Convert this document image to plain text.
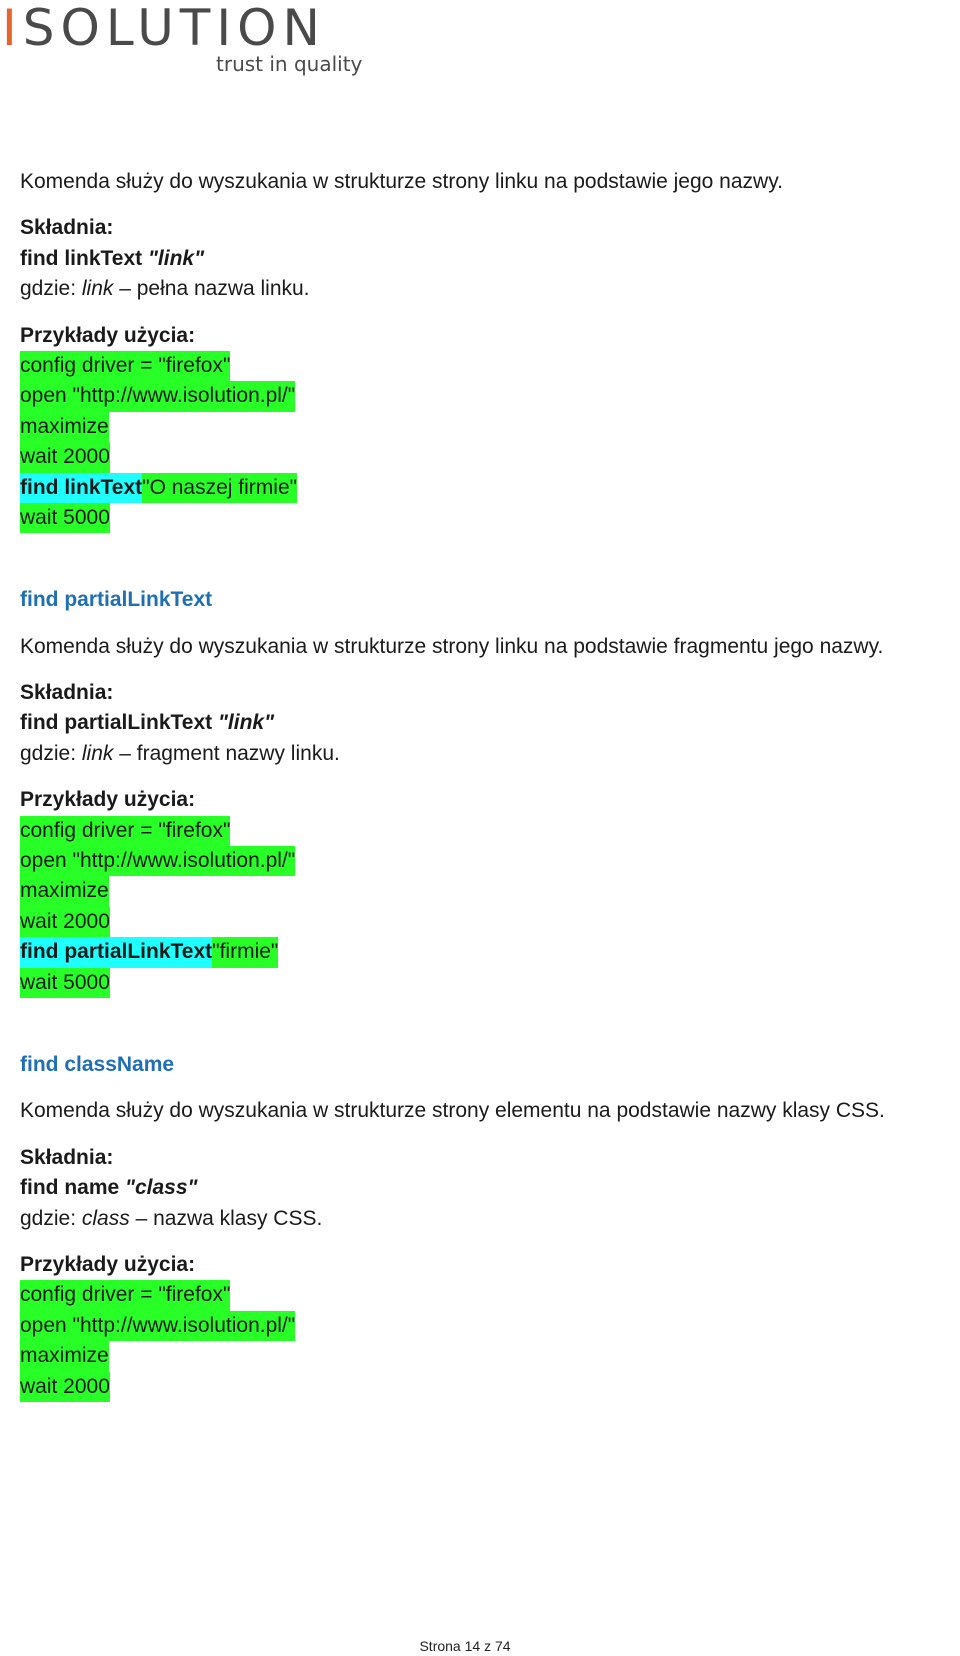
ISOLUTION
trust in quality
Komenda służy do wyszukania w strukturze strony linku na podstawie jego nazwy.
Składnia:
find linkText "link"
gdzie: link – pełna nazwa linku.
Przykłady użycia:
config driver = "firefox"
open "http://www.isolution.pl/"
maximize
wait 2000
find linkText"O naszej firmie"
wait 5000
find partialLinkText
Komenda służy do wyszukania w strukturze strony linku na podstawie fragmentu jego nazwy.
Składnia:
find partialLinkText "link"
gdzie: link – fragment nazwy linku.
Przykłady użycia:
config driver = "firefox"
open "http://www.isolution.pl/"
maximize
wait 2000
find partialLinkText"firmie"
wait 5000
find className
Komenda służy do wyszukania w strukturze strony elementu na podstawie nazwy klasy CSS.
Składnia:
find name "class"
gdzie: class – nazwa klasy CSS.
Przykłady użycia:
config driver = "firefox"
open "http://www.isolution.pl/"
maximize
wait 2000
Strona 14 z 74
